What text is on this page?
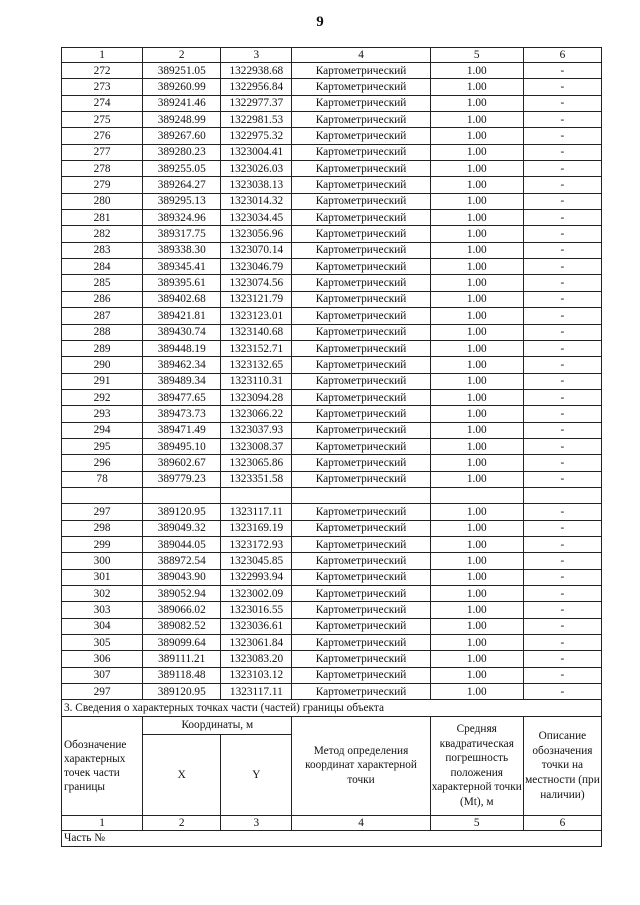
9
1	2	3	4	5	6
272	389251.05	1322938.68	Картометрический	1.00	-
273	389260.99	1322956.84	Картометрический	1.00	-
274	389241.46	1322977.37	Картометрический	1.00	-
275	389248.99	1322981.53	Картометрический	1.00	-
276	389267.60	1322975.32	Картометрический	1.00	-
277	389280.23	1323004.41	Картометрический	1.00	-
278	389255.05	1323026.03	Картометрический	1.00	-
279	389264.27	1323038.13	Картометрический	1.00	-
280	389295.13	1323014.32	Картометрический	1.00	-
281	389324.96	1323034.45	Картометрический	1.00	-
282	389317.75	1323056.96	Картометрический	1.00	-
283	389338.30	1323070.14	Картометрический	1.00	-
284	389345.41	1323046.79	Картометрический	1.00	-
285	389395.61	1323074.56	Картометрический	1.00	-
286	389402.68	1323121.79	Картометрический	1.00	-
287	389421.81	1323123.01	Картометрический	1.00	-
288	389430.74	1323140.68	Картометрический	1.00	-
289	389448.19	1323152.71	Картометрический	1.00	-
290	389462.34	1323132.65	Картометрический	1.00	-
291	389489.34	1323110.31	Картометрический	1.00	-
292	389477.65	1323094.28	Картометрический	1.00	-
293	389473.73	1323066.22	Картометрический	1.00	-
294	389471.49	1323037.93	Картометрический	1.00	-
295	389495.10	1323008.37	Картометрический	1.00	-
296	389602.67	1323065.86	Картометрический	1.00	-
78	389779.23	1323351.58	Картометрический	1.00	-

297	389120.95	1323117.11	Картометрический	1.00	-
298	389049.32	1323169.19	Картометрический	1.00	-
299	389044.05	1323172.93	Картометрический	1.00	-
300	388972.54	1323045.85	Картометрический	1.00	-
301	389043.90	1322993.94	Картометрический	1.00	-
302	389052.94	1323002.09	Картометрический	1.00	-
303	389066.02	1323016.55	Картометрический	1.00	-
304	389082.52	1323036.61	Картометрический	1.00	-
305	389099.64	1323061.84	Картометрический	1.00	-
306	389111.21	1323083.20	Картометрический	1.00	-
307	389118.48	1323103.12	Картометрический	1.00	-
297	389120.95	1323117.11	Картометрический	1.00	-
3. Сведения о характерных точках части (частей) границы объекта					
Обозначение характерных точек части границы	Координаты, м		Метод определения координат характерной точки	Средняя квадратическая погрешность положения характерной точки (Mt), м	Описание обозначения точки на местности (при наличии)
	X	Y			
1	2	3	4	5	6
Часть №					
